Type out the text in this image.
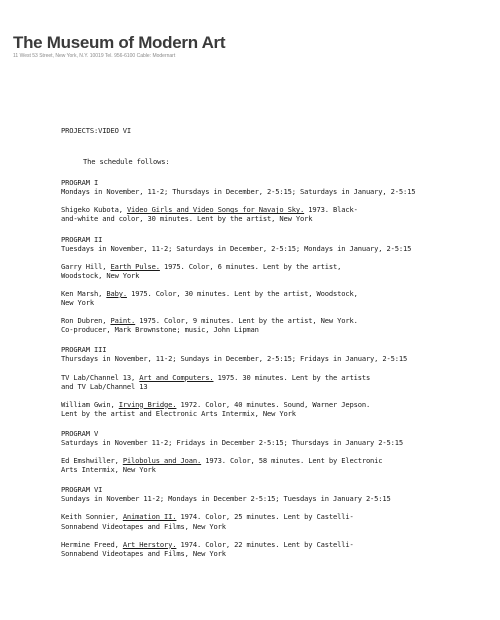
The Museum of Modern Art
11 West 53 Street, New York, N.Y. 10019 Tel. 956-6100 Cable: Modernart
PROJECTS:VIDEO VI
The schedule follows:
PROGRAM I
Mondays in November, 11-2; Thursdays in December, 2-5:15; Saturdays in January, 2-5:15
Shigeko Kubota, Video Girls and Video Songs for Navajo Sky. 1973. Black-
and-white and color, 30 minutes. Lent by the artist, New York
PROGRAM II
Tuesdays in November, 11-2; Saturdays in December, 2-5:15; Mondays in January, 2-5:15
Garry Hill, Earth Pulse. 1975. Color, 6 minutes. Lent by the artist,
Woodstock, New York
Ken Marsh, Baby. 1975. Color, 30 minutes. Lent by the artist, Woodstock,
New York
Ron Dubren, Paint. 1975. Color, 9 minutes. Lent by the artist, New York.
Co-producer, Mark Brownstone; music, John Lipman
PROGRAM III
Thursdays in November, 11-2; Sundays in December, 2-5:15; Fridays in January, 2-5:15
TV Lab/Channel 13, Art and Computers. 1975. 30 minutes. Lent by the artists
and TV Lab/Channel 13
William Gwin, Irving Bridge. 1972. Color, 40 minutes. Sound, Warner Jepson.
Lent by the artist and Electronic Arts Intermix, New York
PROGRAM V
Saturdays in November 11-2; Fridays in December 2-5:15; Thursdays in January 2-5:15
Ed Emshwiller, Pilobolus and Joan. 1973. Color, 58 minutes. Lent by Electronic
Arts Intermix, New York
PROGRAM VI
Sundays in November 11-2; Mondays in December 2-5:15; Tuesdays in January 2-5:15
Keith Sonnier, Animation II. 1974. Color, 25 minutes. Lent by Castelli-
Sonnabend Videotapes and Films, New York
Hermine Freed, Art Herstory. 1974. Color, 22 minutes. Lent by Castelli-
Sonnabend Videotapes and Films, New York
